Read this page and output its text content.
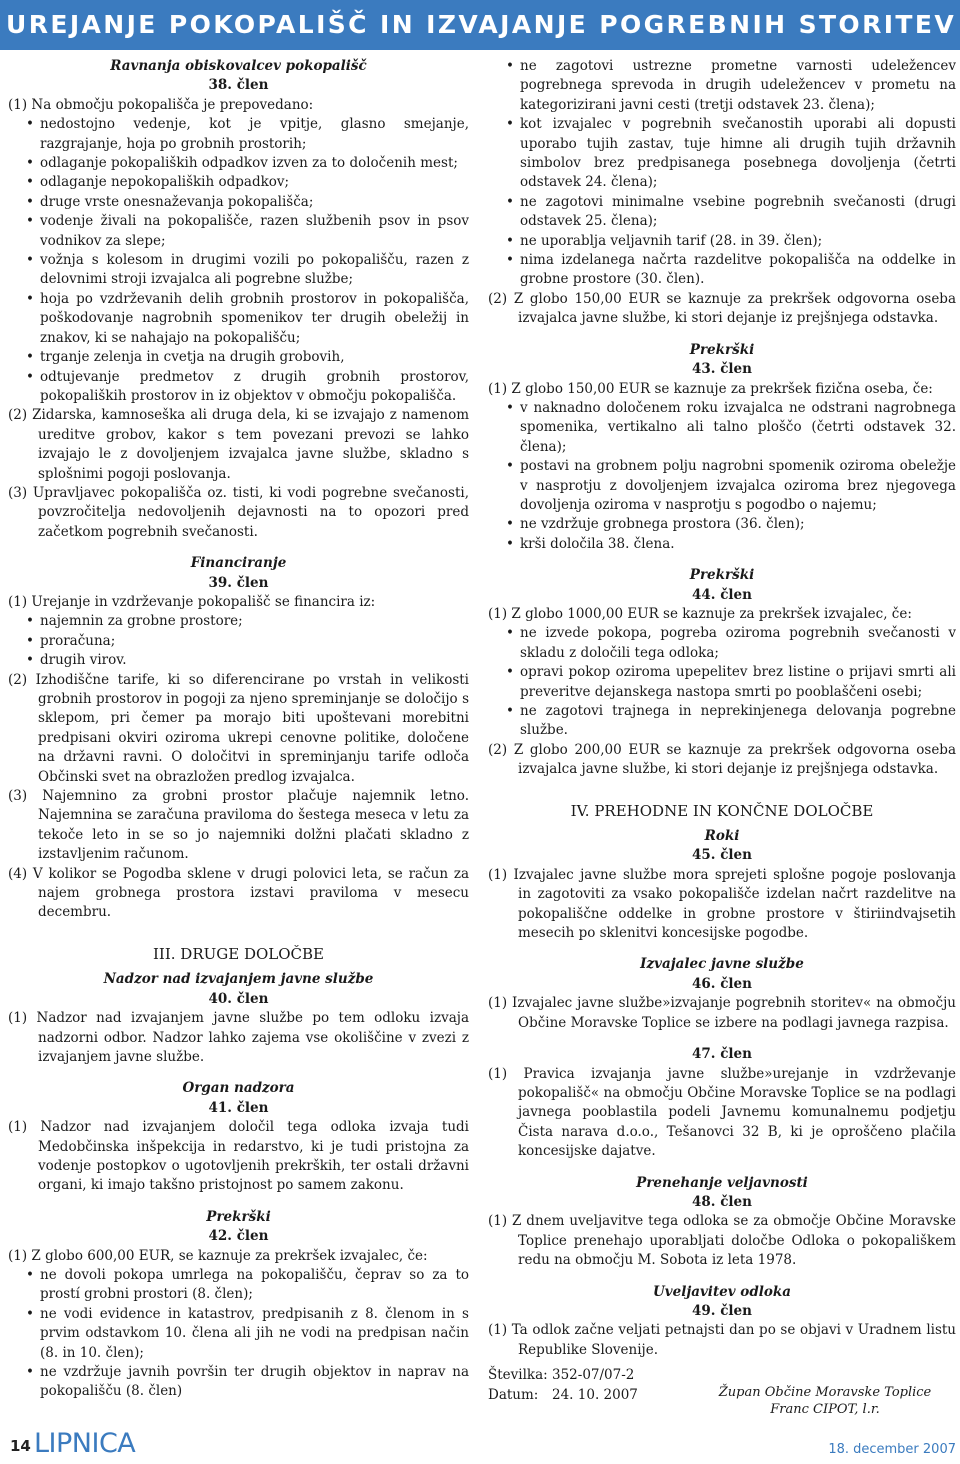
UREJANJE POKOPALIŠČ IN IZVAJANJE POGREBNIH STORITEV
Ravnanja obiskovalcev pokopališč
38. člen
(1) Na območju pokopališča je prepovedano:
• nedostojno vedenje, kot je vpitje, glasno smejanje, razgrajanje, hoja po grobnih prostorih;
• odlaganje pokopaliških odpadkov izven za to določenih mest;
• odlaganje nepokopaliških odpadkov;
• druge vrste onesnaževanja pokopališča;
• vodenje živali na pokopališče, razen službenih psov in psov vodnikov za slepe;
• vožnja s kolesom in drugimi vozili po pokopališču, razen z delovnimi stroji izvajalca ali pogrebne službe;
• hoja po vzdrževanih delih grobnih prostorov in pokopališča, poškodovanje nagrobnih spomenikov ter drugih obeležij in znakov, ki se nahajajo na pokopališču;
• trganje zelenja in cvetja na drugih grobovih,
• odtujevanje predmetov z drugih grobnih prostorov, pokopaliških prostorov in iz objektov v območju pokopališča.
(2) Zidarska, kamnoseška ali druga dela, ki se izvajajo z namenom ureditve grobov, kakor s tem povezani prevozi se lahko izvajajo le z dovoljenjem izvajalca javne službe, skladno s splošnimi pogoji poslovanja.
(3) Upravljavec pokopališča oz. tisti, ki vodi pogrebne svečanosti, povzročitelja nedovoljenih dejavnosti na to opozori pred začetkom pogrebnih svečanosti.
Financiranje
39. člen
(1) Urejanje in vzdrževanje pokopališč se financira iz:
• najemnin za grobne prostore;
• proračuna;
• drugih virov.
(2) Izhodiščne tarife, ki so diferencirane po vrstah in velikosti grobnih prostorov in pogoji za njeno spreminjanje se določijo s sklepom, pri čemer pa morajo biti upoštevani morebitni predpisani okviri oziroma ukrepi cenovne politike, določene na državni ravni. O določitvi in spreminjanju tarife odloča Občinski svet na obrazložen predlog izvajalca.
(3) Najemnino za grobni prostor plačuje najemnik letno. Najemnina se zaračuna praviloma do šestega meseca v letu za tekoče leto in se so jo najemniki dolžni plačati skladno z izstavljenim računom.
(4) V kolikor se Pogodba sklene v drugi polovici leta, se račun za najem grobnega prostora izstavi praviloma v mesecu decembru.
III. DRUGE DOLOČBE
Nadzor nad izvajanjem javne službe
40. člen
(1) Nadzor nad izvajanjem javne službe po tem odloku izvaja nadzorni odbor. Nadzor lahko zajema vse okoliščine v zvezi z izvajanjem javne službe.
Organ nadzora
41. člen
(1) Nadzor nad izvajanjem določil tega odloka izvaja tudi Medobčinska inšpekcija in redarstvo, ki je tudi pristojna za vodenje postopkov o ugotovljenih prekrških, ter ostali državni organi, ki imajo takšno pristojnost po samem zakonu.
Prekrški
42. člen
(1) Z globo 600,00 EUR, se kaznuje za prekršek izvajalec, če:
• ne dovoli pokopa umrlega na pokopališču, čeprav so za to prostí grobni prostori (8. člen);
• ne vodi evidence in katastrov, predpisanih z 8. členom in s prvim odstavkom 10. člena ali jih ne vodi na predpisan način (8. in 10. člen);
• ne vzdržuje javnih površin ter drugih objektov in naprav na pokopališču (8. člen)
• ne zagotovi ustrezne prometne varnosti udeležencev pogrebnega sprevoda in drugih udeležencev v prometu na kategorizirani javni cesti (tretji odstavek 23. člena);
• kot izvajalec v pogrebnih svečanostih uporabi ali dopusti uporabo tujih zastav, tuje himne ali drugih tujih državnih simbolov brez predpisanega posebnega dovoljenja (četrti odstavek 24. člena);
• ne zagotovi minimalne vsebine pogrebnih svečanosti (drugi odstavek 25. člena);
• ne uporablja veljavnih tarif (28. in 39. člen);
• nima izdelanega načrta razdelitve pokopališča na oddelke in grobne prostore (30. člen).
(2) Z globo 150,00 EUR se kaznuje za prekršek odgovorna oseba izvajalca javne službe, ki stori dejanje iz prejšnjega odstavka.
Prekrški
43. člen
(1) Z globo 150,00 EUR se kaznuje za prekršek fizična oseba, če:
• v naknadno določenem roku izvajalca ne odstrani nagrobnega spomenika, vertikalno ali talno ploščo (četrti odstavek 32. člena);
• postavi na grobnem polju nagrobni spomenik oziroma obeležje v nasprotju z dovoljenjem izvajalca oziroma brez njegovega dovoljenja oziroma v nasprotju s pogodbo o najemu;
• ne vzdržuje grobnega prostora (36. člen);
• krši določila 38. člena.
Prekrški
44. člen
(1) Z globo 1000,00 EUR se kaznuje za prekršek izvajalec, če:
• ne izvede pokopa, pogreba oziroma pogrebnih svečanosti v skladu z določili tega odloka;
• opravi pokop oziroma upepelitev brez listine o prijavi smrti ali preveritve dejanskega nastopa smrti po pooblaščeni osebi;
• ne zagotovi trajnega in neprekinjenega delovanja pogrebne službe.
(2) Z globo 200,00 EUR se kaznuje za prekršek odgovorna oseba izvajalca javne službe, ki stori dejanje iz prejšnjega odstavka.
IV. PREHODNE IN KONČNE DOLOČBE
Roki
45. člen
(1) Izvajalec javne službe mora sprejeti splošne pogoje poslovanja in zagotoviti za vsako pokopališče izdelan načrt razdelitve na pokopališčne oddelke in grobne prostore v štiriindvajsetih mesecih po sklenitvi koncesijske pogodbe.
Izvajalec javne službe
46. člen
(1) Izvajalec javne službe»izvajanje pogrebnih storitev« na območju Občine Moravske Toplice se izbere na podlagi javnega razpisa.
47. člen
(1) Pravica izvajanja javne službe»urejanje in vzdrževanje pokopališč« na območju Občine Moravske Toplice se na podlagi javnega pooblastila podeli Javnemu komunalnemu podjetju Čista narava d.o.o., Tešanovci 32 B, ki je oproščeno plačila koncesijske dajatve.
Prenehanje veljavnosti
48. člen
(1) Z dnem uveljavitve tega odloka se za območje Občine Moravske Toplice prenehajo uporabljati določbe Odloka o pokopališkem redu na območju M. Sobota iz leta 1978.
Uveljavitev odloka
49. člen
(1) Ta odlok začne veljati petnajsti dan po se objavi v Uradnem listu Republike Slovenije.
Številka: 352-07/07-2
Datum:	24. 10. 2007	Župan Občine Moravske Toplice
Franc CIPOT, l.r.
14 LIPNICA	18. december 2007
